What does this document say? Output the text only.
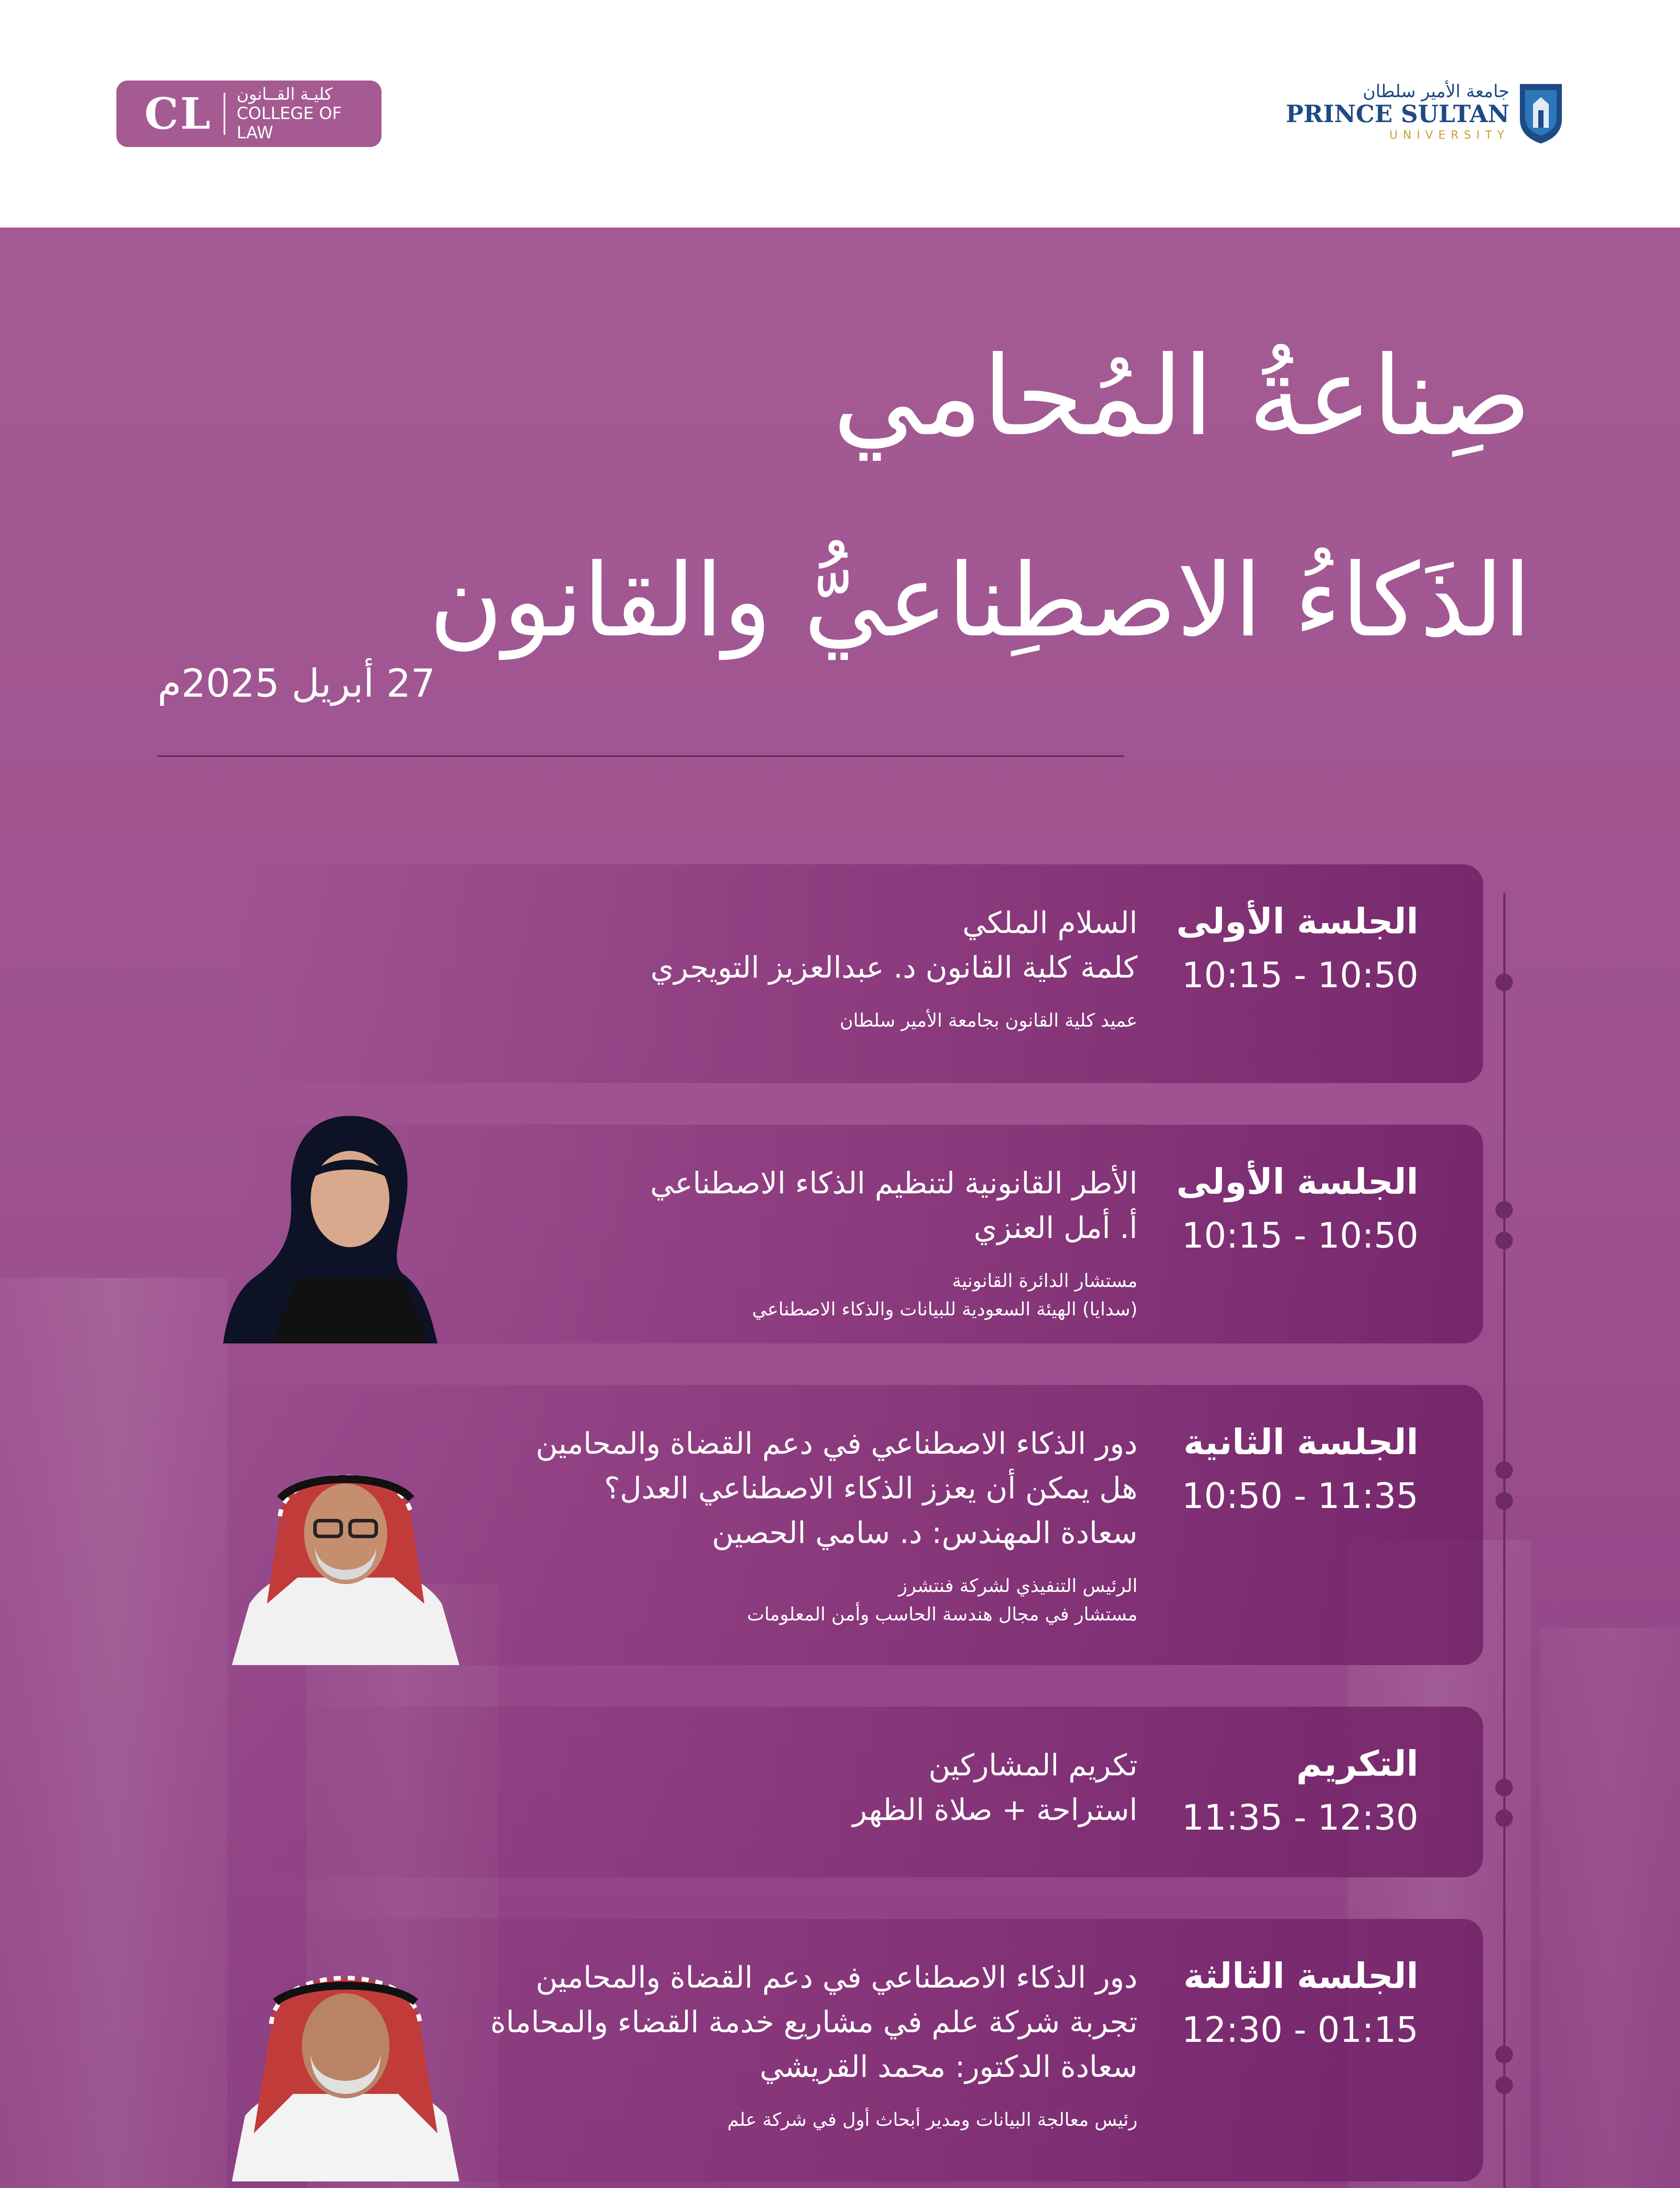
CL كليـة القــانون
COLLEGE OF LAW
جامعة الأمير سلطان
PRINCE SULTAN
UNIVERSITY
صِناعةُ المُحامي
الذَكاءُ الاصطِناعيُّ والقانون
27 أبريل 2025م
الجلسة الأولى
10:15 - 10:50
السلام الملكي
كلمة كلية القانون د. عبدالعزيز التويجري
عميد كلية القانون بجامعة الأمير سلطان
الجلسة الأولى
10:15 - 10:50
الأطر القانونية لتنظيم الذكاء الاصطناعي
أ. أمل العنزي
مستشار الدائرة القانونية
(سدايا) الهيئة السعودية للبيانات والذكاء الاصطناعي
الجلسة الثانية
10:50 - 11:35
دور الذكاء الاصطناعي في دعم القضاة والمحامين
هل يمكن أن يعزز الذكاء الاصطناعي العدل؟
سعادة المهندس: د. سامي الحصين
الرئيس التنفيذي لشركة فنتشرز
مستشار في مجال هندسة الحاسب وأمن المعلومات
التكريم
11:35 - 12:30
تكريم المشاركين
استراحة + صلاة الظهر
الجلسة الثالثة
12:30 - 01:15
دور الذكاء الاصطناعي في دعم القضاة والمحامين
تجربة شركة علم في مشاريع خدمة القضاء والمحاماة
سعادة الدكتور: محمد القريشي
رئيس معالجة البيانات ومدير أبحاث أول في شركة علم
